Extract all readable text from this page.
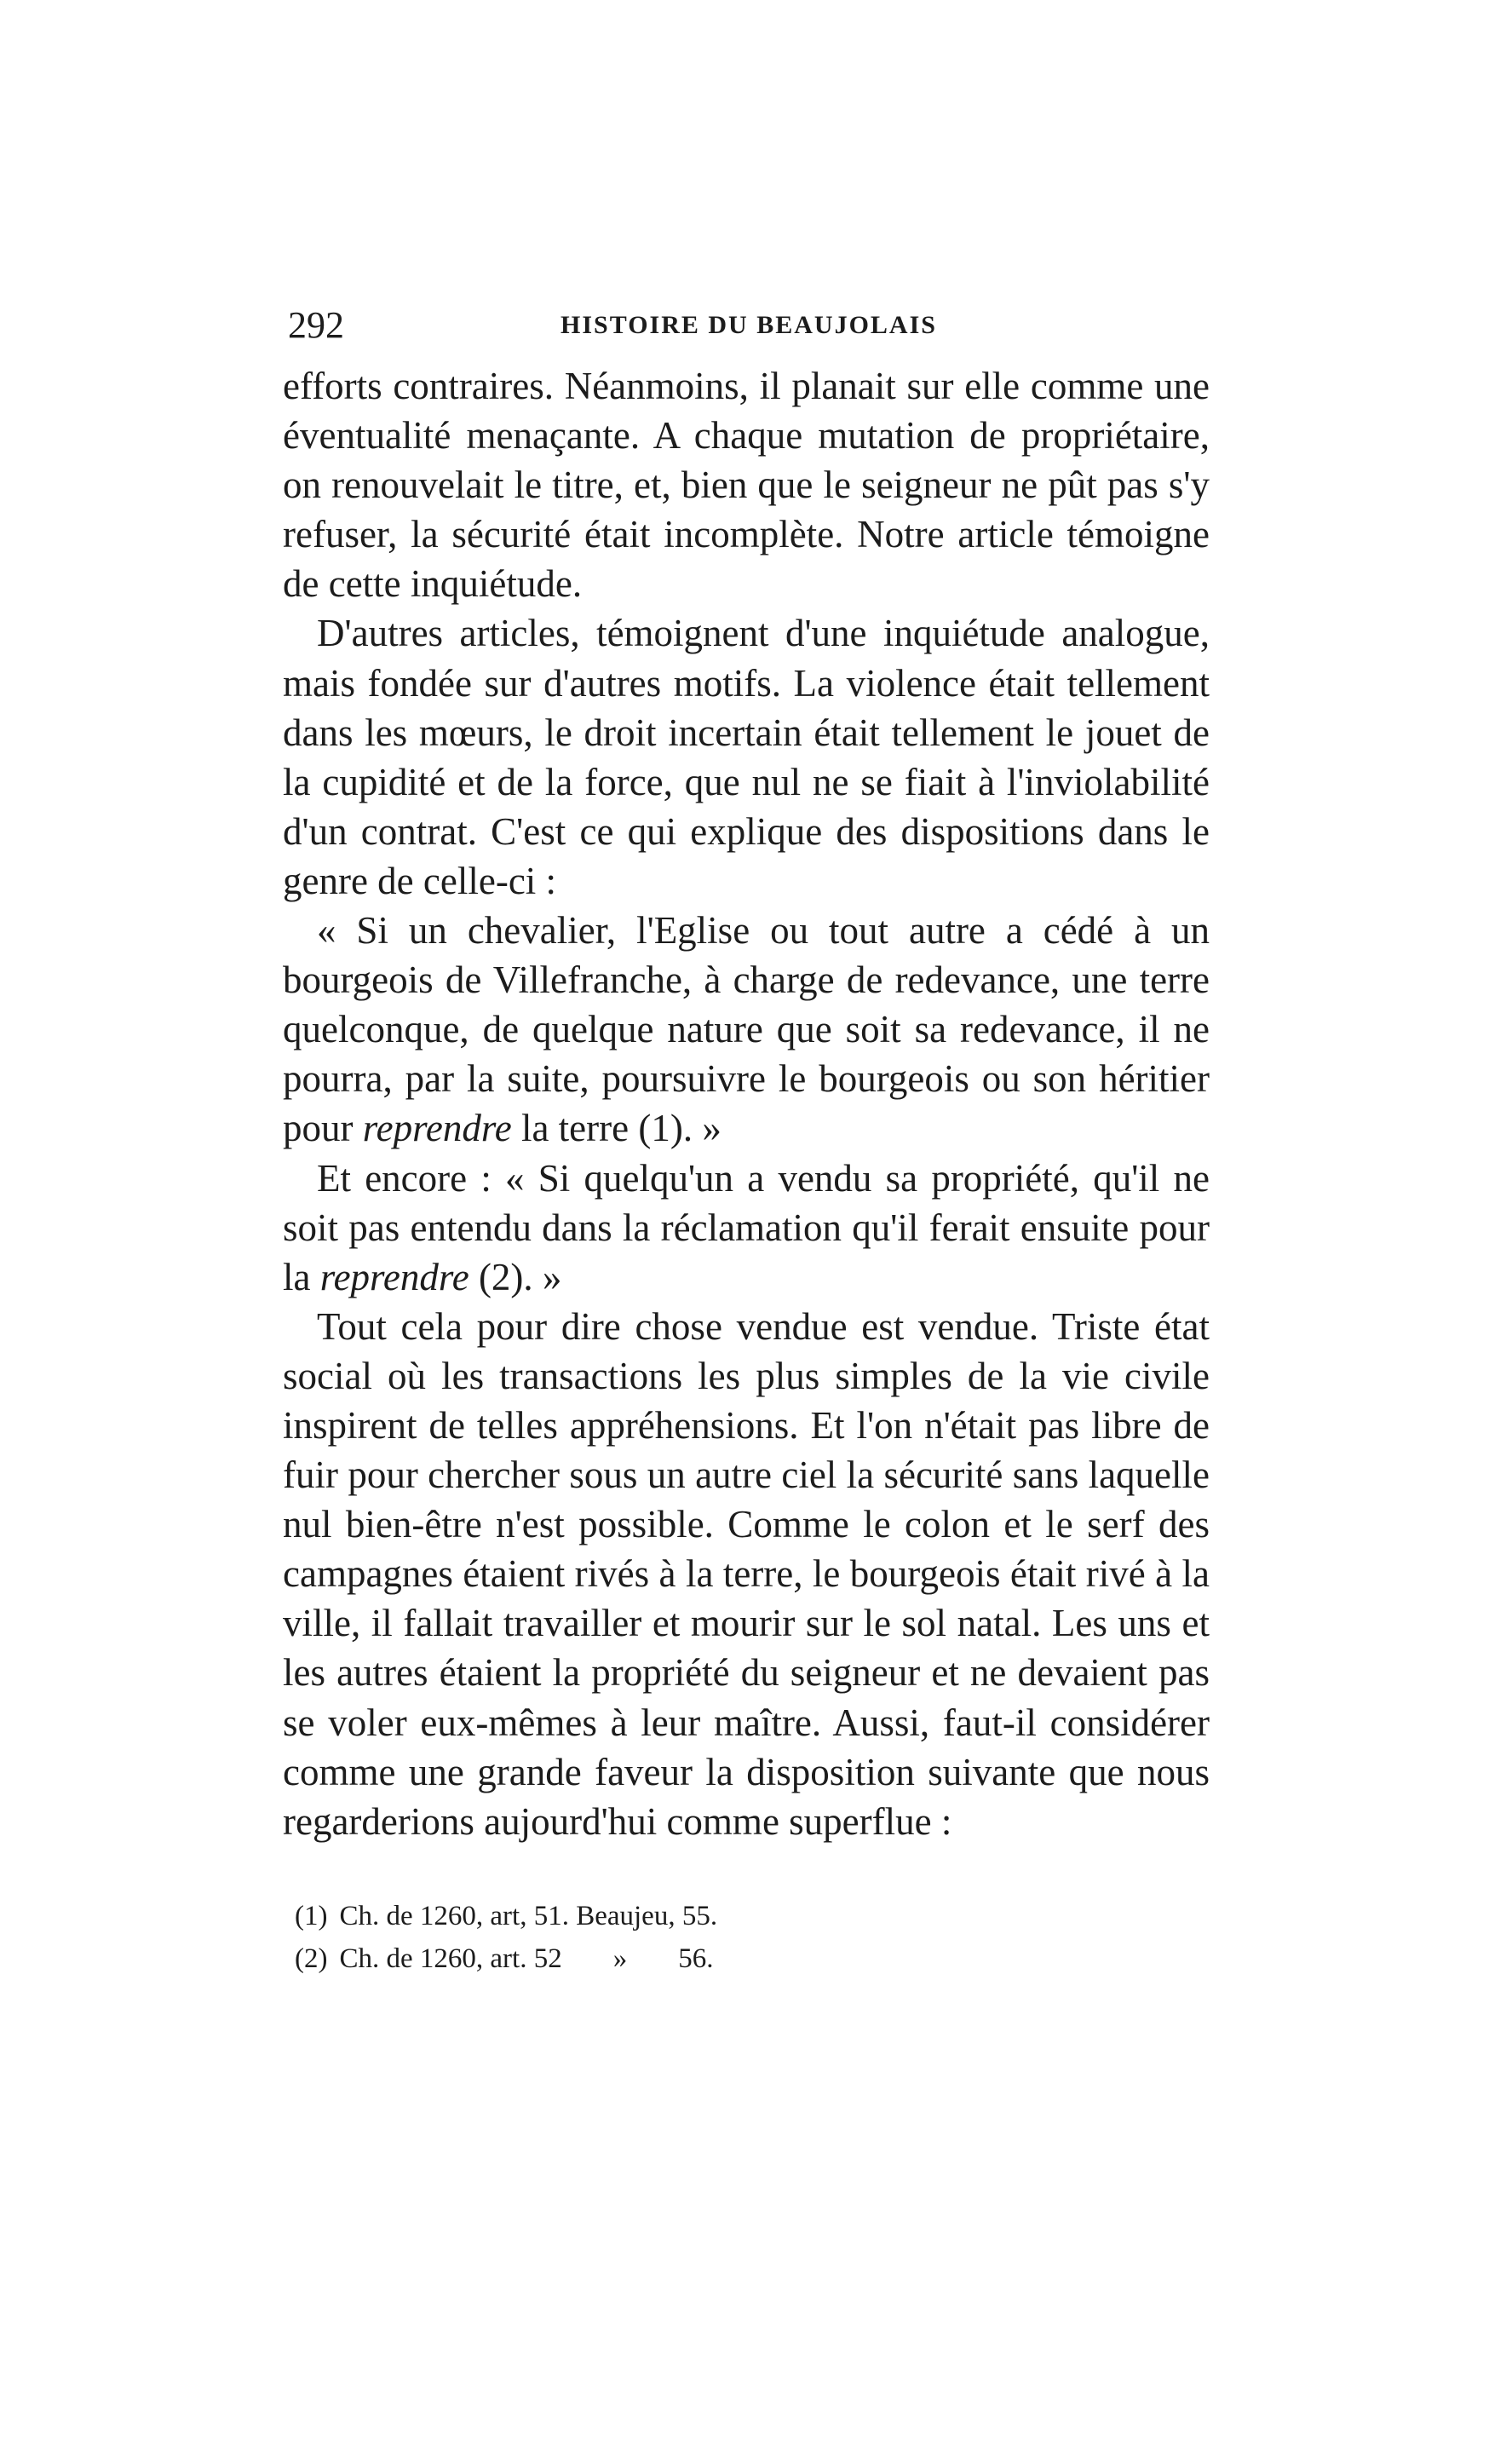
292	HISTOIRE DU BEAUJOLAIS

efforts contraires. Néanmoins, il planait sur elle comme une éventualité menaçante. A chaque mutation de propriétaire, on renouvelait le titre, et, bien que le seigneur ne pût pas s'y refuser, la sécurité était incomplète. Notre article témoigne de cette inquiétude.

D'autres articles, témoignent d'une inquiétude analogue, mais fondée sur d'autres motifs. La violence était tellement dans les mœurs, le droit incertain était tellement le jouet de la cupidité et de la force, que nul ne se fiait à l'inviolabilité d'un contrat. C'est ce qui explique des dispositions dans le genre de celle-ci :

« Si un chevalier, l'Eglise ou tout autre a cédé à un bourgeois de Villefranche, à charge de redevance, une terre quelconque, de quelque nature que soit sa redevance, il ne pourra, par la suite, poursuivre le bourgeois ou son héritier pour reprendre la terre (1). »

Et encore : « Si quelqu'un a vendu sa propriété, qu'il ne soit pas entendu dans la réclamation qu'il ferait ensuite pour la reprendre (2). »

Tout cela pour dire chose vendue est vendue. Triste état social où les transactions les plus simples de la vie civile inspirent de telles appréhensions. Et l'on n'était pas libre de fuir pour chercher sous un autre ciel la sécurité sans laquelle nul bien-être n'est possible. Comme le colon et le serf des campagnes étaient rivés à la terre, le bourgeois était rivé à la ville, il fallait travailler et mourir sur le sol natal. Les uns et les autres étaient la propriété du seigneur et ne devaient pas se voler eux-mêmes à leur maître. Aussi, faut-il considérer comme une grande faveur la disposition suivante que nous regarderions aujourd'hui comme superflue :

(1) Ch. de 1260, art, 51. Beaujeu, 55.

(2) Ch. de 1260, art. 52 » 56.
